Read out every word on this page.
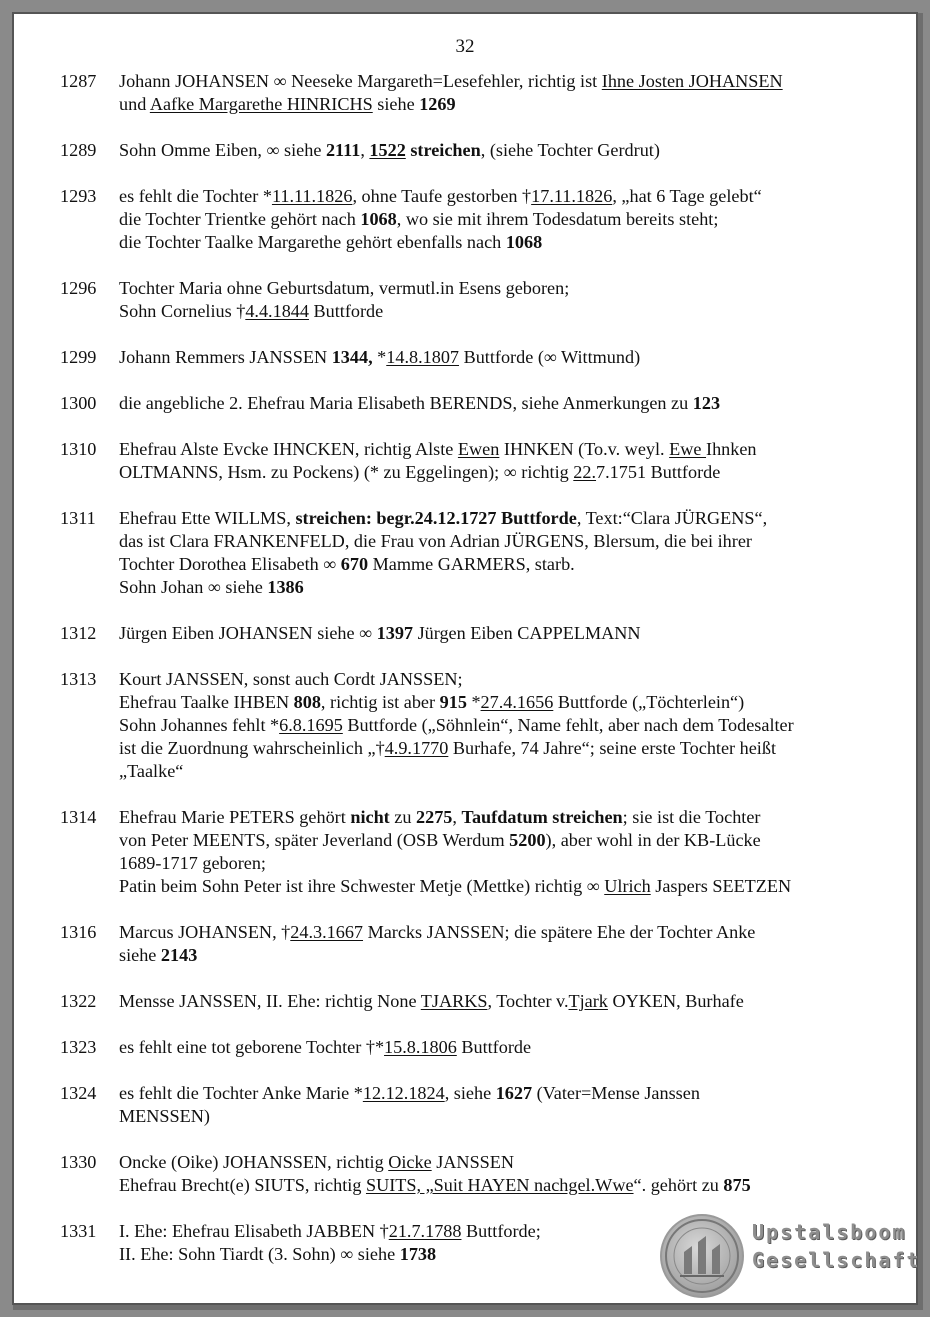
32
1287	Johann JOHANSEN ∞ Neeseke Margareth=Lesefehler, richtig ist Ihne Josten JOHANSEN
und Aafke Margarethe HINRICHS siehe 1269
1289	Sohn Omme Eiben, ∞ siehe 2111, 1522 streichen, (siehe Tochter Gerdrut)
1293	es fehlt die Tochter *11.11.1826, ohne Taufe gestorben †17.11.1826, „hat 6 Tage gelebt“
die Tochter Trientke gehört nach 1068, wo sie mit ihrem Todesdatum bereits steht;
die Tochter Taalke Margarethe gehört ebenfalls nach 1068
1296	Tochter Maria ohne Geburtsdatum, vermutl.in Esens geboren;
Sohn Cornelius †4.4.1844 Buttforde
1299	Johann Remmers JANSSEN 1344, *14.8.1807 Buttforde (∞ Wittmund)
1300	die angebliche 2. Ehefrau Maria Elisabeth BERENDS, siehe Anmerkungen zu 123
1310	Ehefrau Alste Evcke IHNCKEN, richtig Alste Ewen IHNKEN (To.v. weyl. Ewe Ihnken
OLTMANNS, Hsm. zu Pockens) (* zu Eggelingen); ∞ richtig 22.7.1751 Buttforde
1311	Ehefrau Ette WILLMS, streichen: begr.24.12.1727 Buttforde, Text:“Clara JÜRGENS“,
das ist Clara FRANKENFELD, die Frau von Adrian JÜRGENS, Blersum, die bei ihrer
Tochter Dorothea Elisabeth ∞ 670 Mamme GARMERS, starb.
Sohn Johan ∞ siehe 1386
1312	Jürgen Eiben JOHANSEN siehe ∞ 1397 Jürgen Eiben CAPPELMANN
1313	Kourt JANSSEN, sonst auch Cordt JANSSEN;
Ehefrau Taalke IHBEN 808, richtig ist aber 915 *27.4.1656 Buttforde („Töchterlein“)
Sohn Johannes fehlt *6.8.1695 Buttforde („Söhnlein“, Name fehlt, aber nach dem Todesalter
ist die Zuordnung wahrscheinlich „†4.9.1770 Burhafe, 74 Jahre“; seine erste Tochter heißt
„Taalke“
1314	Ehefrau Marie PETERS gehört nicht zu 2275, Taufdatum streichen; sie ist die Tochter
von Peter MEENTS, später Jeverland (OSB Werdum 5200), aber wohl in der KB-Lücke
1689-1717 geboren;
Patin beim Sohn Peter ist ihre Schwester Metje (Mettke) richtig ∞ Ulrich Jaspers SEETZEN
1316	Marcus JOHANSEN, †24.3.1667 Marcks JANSSEN; die spätere Ehe der Tochter Anke
siehe 2143
1322	Mensse JANSSEN, II. Ehe: richtig None TJARKS, Tochter v.Tjark OYKEN, Burhafe
1323	es fehlt eine tot geborene Tochter †*15.8.1806 Buttforde
1324	es fehlt die Tochter Anke Marie *12.12.1824, siehe 1627 (Vater=Mense Janssen
MENSSEN)
1330	Oncke (Oike) JOHANSSEN, richtig Oicke JANSSEN
Ehefrau Brecht(e) SIUTS, richtig SUITS, „Suit HAYEN nachgel.Wwe“. gehört zu 875
1331	I. Ehe: Ehefrau Elisabeth JABBEN †21.7.1788 Buttforde;
II. Ehe: Sohn Tiardt (3. Sohn) ∞ siehe 1738
Upstalsboom
Gesellschaft
